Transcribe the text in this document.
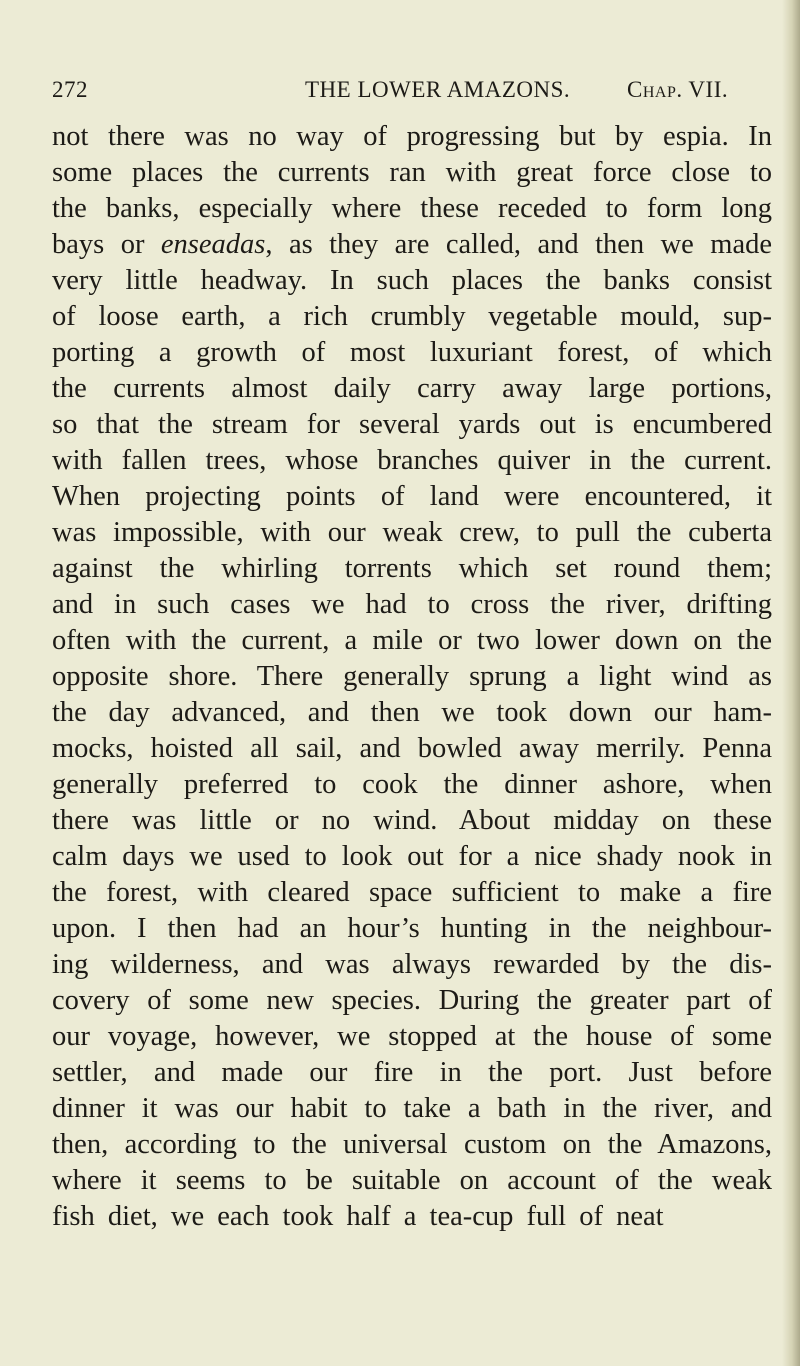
272	THE LOWER AMAZONS. Chap. VII.
not there was no way of progressing but by espia. In
some places the currents ran with great force close to
the banks, especially where these receded to form long
bays or enseadas, as they are called, and then we made
very little headway. In such places the banks consist
of loose earth, a rich crumbly vegetable mould, sup-
porting a growth of most luxuriant forest, of which
the currents almost daily carry away large portions,
so that the stream for several yards out is encumbered
with fallen trees, whose branches quiver in the current.
When projecting points of land were encountered, it
was impossible, with our weak crew, to pull the cuberta
against the whirling torrents which set round them;
and in such cases we had to cross the river, drifting
often with the current, a mile or two lower down on the
opposite shore. There generally sprung a light wind as
the day advanced, and then we took down our ham-
mocks, hoisted all sail, and bowled away merrily. Penna
generally preferred to cook the dinner ashore, when
there was little or no wind. About midday on these
calm days we used to look out for a nice shady nook in
the forest, with cleared space sufficient to make a fire
upon. I then had an hour’s hunting in the neighbour-
ing wilderness, and was always rewarded by the dis-
covery of some new species. During the greater part of
our voyage, however, we stopped at the house of some
settler, and made our fire in the port. Just before
dinner it was our habit to take a bath in the river, and
then, according to the universal custom on the Amazons,
where it seems to be suitable on account of the weak
fish diet, we each took half a tea-cup full of neat
